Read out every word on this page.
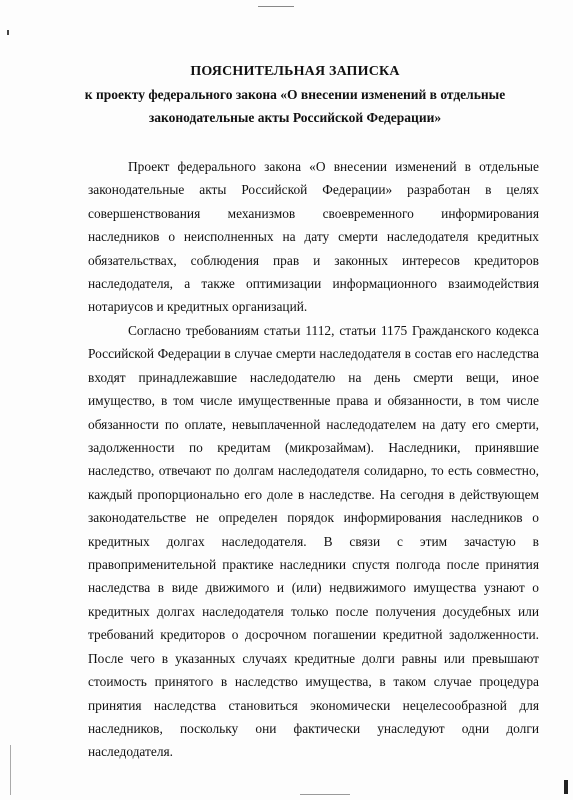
ПОЯСНИТЕЛЬНАЯ ЗАПИСКА
к проекту федерального закона «О внесении изменений в отдельные
законодательные акты Российской Федерации»

Проект федерального закона «О внесении изменений в отдельные законодательные акты Российской Федерации» разработан в целях совершенствования механизмов своевременного информирования наследников о неисполненных на дату смерти наследодателя кредитных обязательствах, соблюдения прав и законных интересов кредиторов наследодателя, а также оптимизации информационного взаимодействия нотариусов и кредитных организаций.

Согласно требованиям статьи 1112, статьи 1175 Гражданского кодекса Российской Федерации в случае смерти наследодателя в состав его наследства входят принадлежавшие наследодателю на день смерти вещи, иное имущество, в том числе имущественные права и обязанности, в том числе обязанности по оплате, невыплаченной наследодателем на дату его смерти, задолженности по кредитам (микрозаймам). Наследники, принявшие наследство, отвечают по долгам наследодателя солидарно, то есть совместно, каждый пропорционально его доле в наследстве. На сегодня в действующем законодательстве не определен порядок информирования наследников о кредитных долгах наследодателя. В связи с этим зачастую в правоприменительной практике наследники спустя полгода после принятия наследства в виде движимого и (или) недвижимого имущества узнают о кредитных долгах наследодателя только после получения досудебных или требований кредиторов о досрочном погашении кредитной задолженности. После чего в указанных случаях кредитные долги равны или превышают стоимость принятого в наследство имущества, в таком случае процедура принятия наследства становиться экономически нецелесообразной для наследников, поскольку они фактически унаследуют одни долги наследодателя.
